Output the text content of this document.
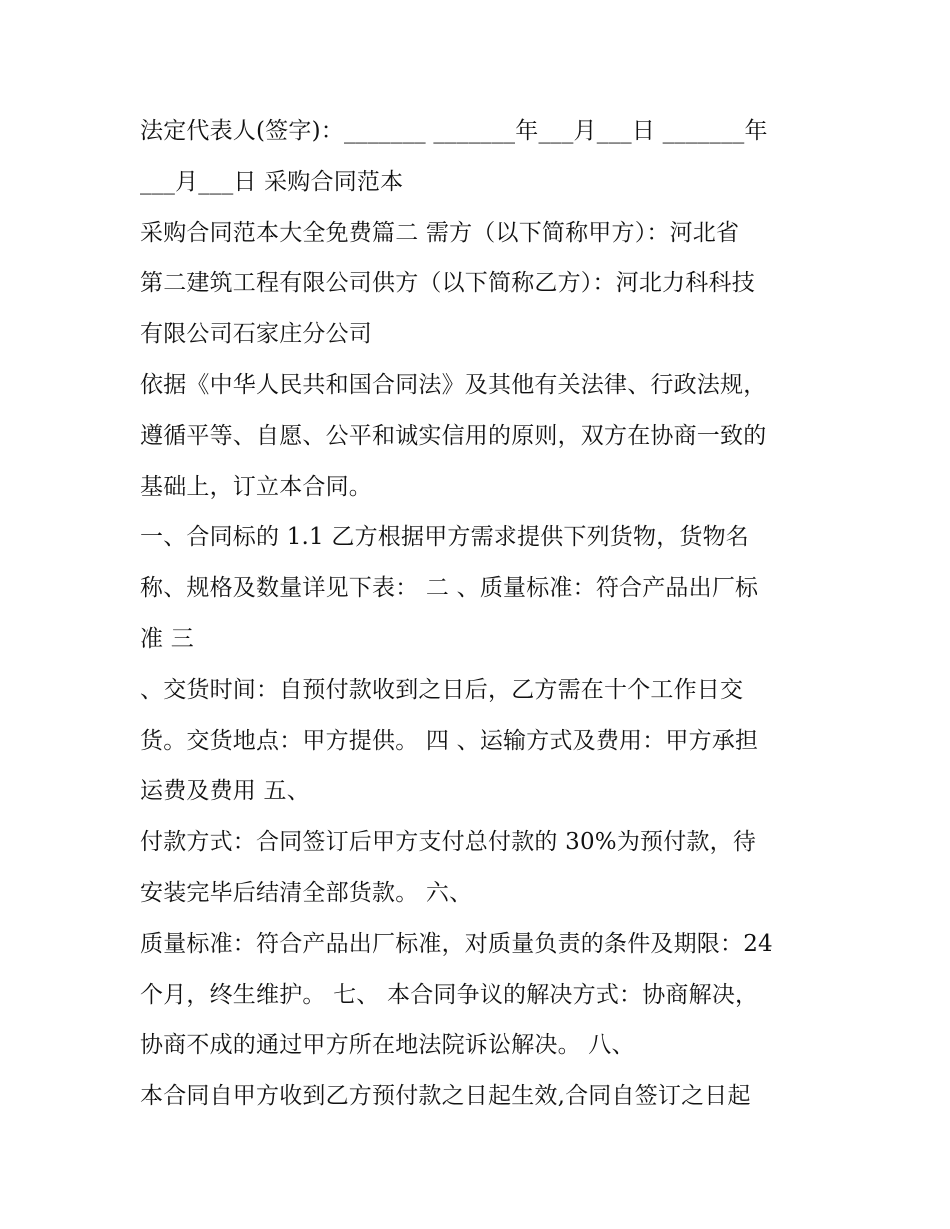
法定代表人(签字)：_______ _______年___月___日 _______年
___月___日 采购合同范本
采购合同范本大全免费篇二 需方（以下简称甲方）：河北省
第二建筑工程有限公司供方（以下简称乙方）：河北力科科技
有限公司石家庄分公司
依据《中华人民共和国合同法》及其他有关法律、行政法规，
遵循平等、自愿、公平和诚实信用的原则，双方在协商一致的
基础上，订立本合同。
一、合同标的 1.1 乙方根据甲方需求提供下列货物，货物名
称、规格及数量详见下表： 二 、质量标准：符合产品出厂标
准 三
、交货时间：自预付款收到之日后，乙方需在十个工作日交
货。交货地点：甲方提供。 四 、运输方式及费用：甲方承担
运费及费用 五、
付款方式：合同签订后甲方支付总付款的 30%为预付款，待
安装完毕后结清全部货款。 六、
质量标准：符合产品出厂标准，对质量负责的条件及期限：24
个月，终生维护。 七、 本合同争议的解决方式：协商解决，
协商不成的通过甲方所在地法院诉讼解决。 八、
本合同自甲方收到乙方预付款之日起生效,合同自签订之日起
